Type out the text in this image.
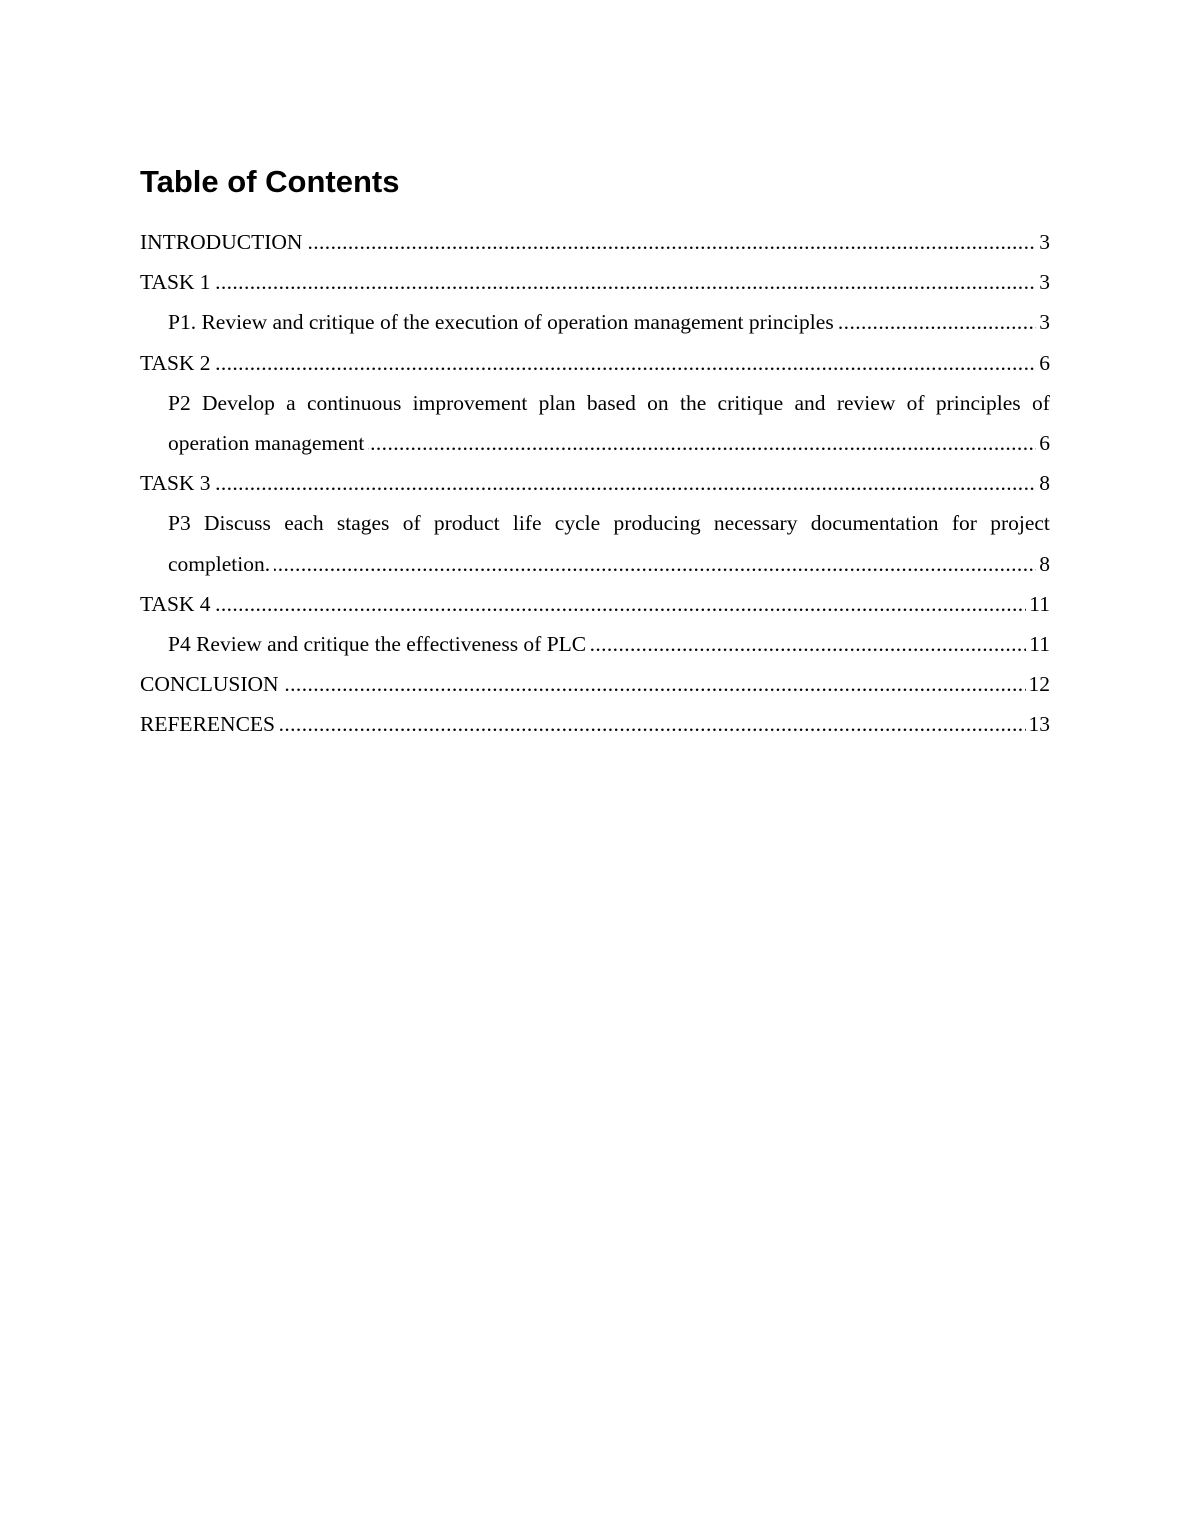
Table of Contents
.....
INTRODUCTION	3
.....
TASK 1	3
.....
P1. Review and critique of the execution of operation management principles	3
.....
TASK 2	6
P2 Develop a continuous improvement plan based on the critique and review of principles of
.....
operation management	6
.....
TASK 3	8
P3 Discuss each stages of product life cycle producing necessary documentation for project
.....
completion.	8
.....
TASK 4	11
.....
P4 Review and critique the effectiveness of PLC	11
.....
CONCLUSION	12
.....
REFERENCES	13
